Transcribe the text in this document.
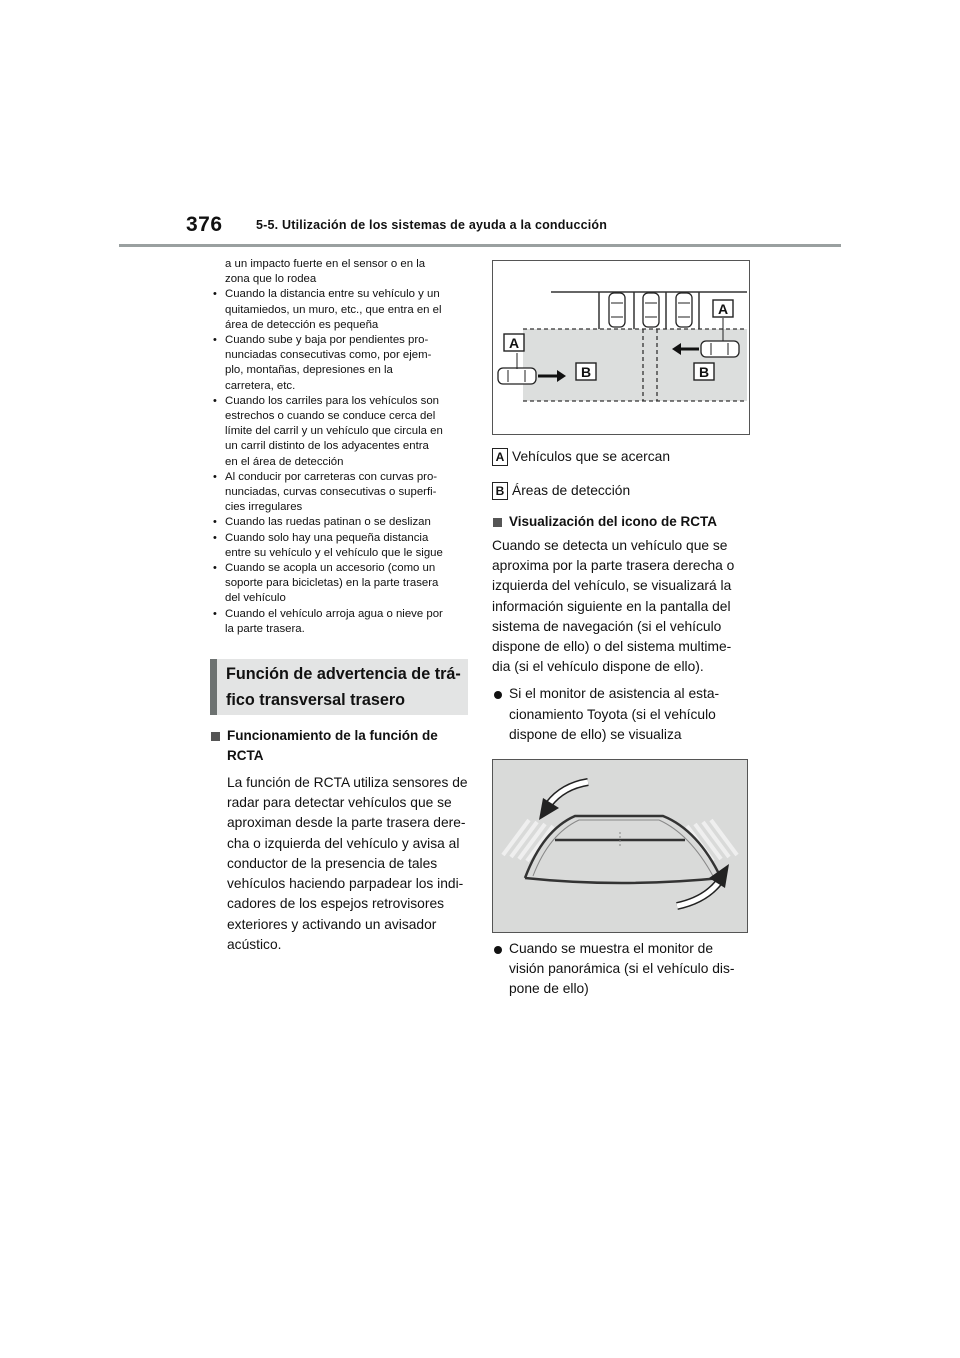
376	5-5. Utilización de los sistemas de ayuda a la conducción
a un impacto fuerte en el sensor o en la
zona que lo rodea
• Cuando la distancia entre su vehículo y un
quitamiedos, un muro, etc., que entra en el
área de detección es pequeña
• Cuando sube y baja por pendientes pro-
nunciadas consecutivas como, por ejem-
plo, montañas, depresiones en la
carretera, etc.
• Cuando los carriles para los vehículos son
estrechos o cuando se conduce cerca del
límite del carril y un vehículo que circula en
un carril distinto de los adyacentes entra
en el área de detección
• Al conducir por carreteras con curvas pro-
nunciadas, curvas consecutivas o superfi-
cies irregulares
• Cuando las ruedas patinan o se deslizan
• Cuando solo hay una pequeña distancia
entre su vehículo y el vehículo que le sigue
• Cuando se acopla un accesorio (como un
soporte para bicicletas) en la parte trasera
del vehículo
• Cuando el vehículo arroja agua o nieve por
la parte trasera.
Función de advertencia de trá-
fico transversal trasero
Funcionamiento de la función de
RCTA
La función de RCTA utiliza sensores de
radar para detectar vehículos que se
aproximan desde la parte trasera dere-
cha o izquierda del vehículo y avisa al
conductor de la presencia de tales
vehículos haciendo parpadear los indi-
cadores de los espejos retrovisores
exteriores y activando un avisador
acústico.
A
A
B	B
A Vehículos que se acercan
B Áreas de detección
Visualización del icono de RCTA
Cuando se detecta un vehículo que se
aproxima por la parte trasera derecha o
izquierda del vehículo, se visualizará la
información siguiente en la pantalla del
sistema de navegación (si el vehículo
dispone de ello) o del sistema multime-
dia (si el vehículo dispone de ello).
Si el monitor de asistencia al esta-
cionamiento Toyota (si el vehículo
dispone de ello) se visualiza
Cuando se muestra el monitor de
visión panorámica (si el vehículo dis-
pone de ello)
